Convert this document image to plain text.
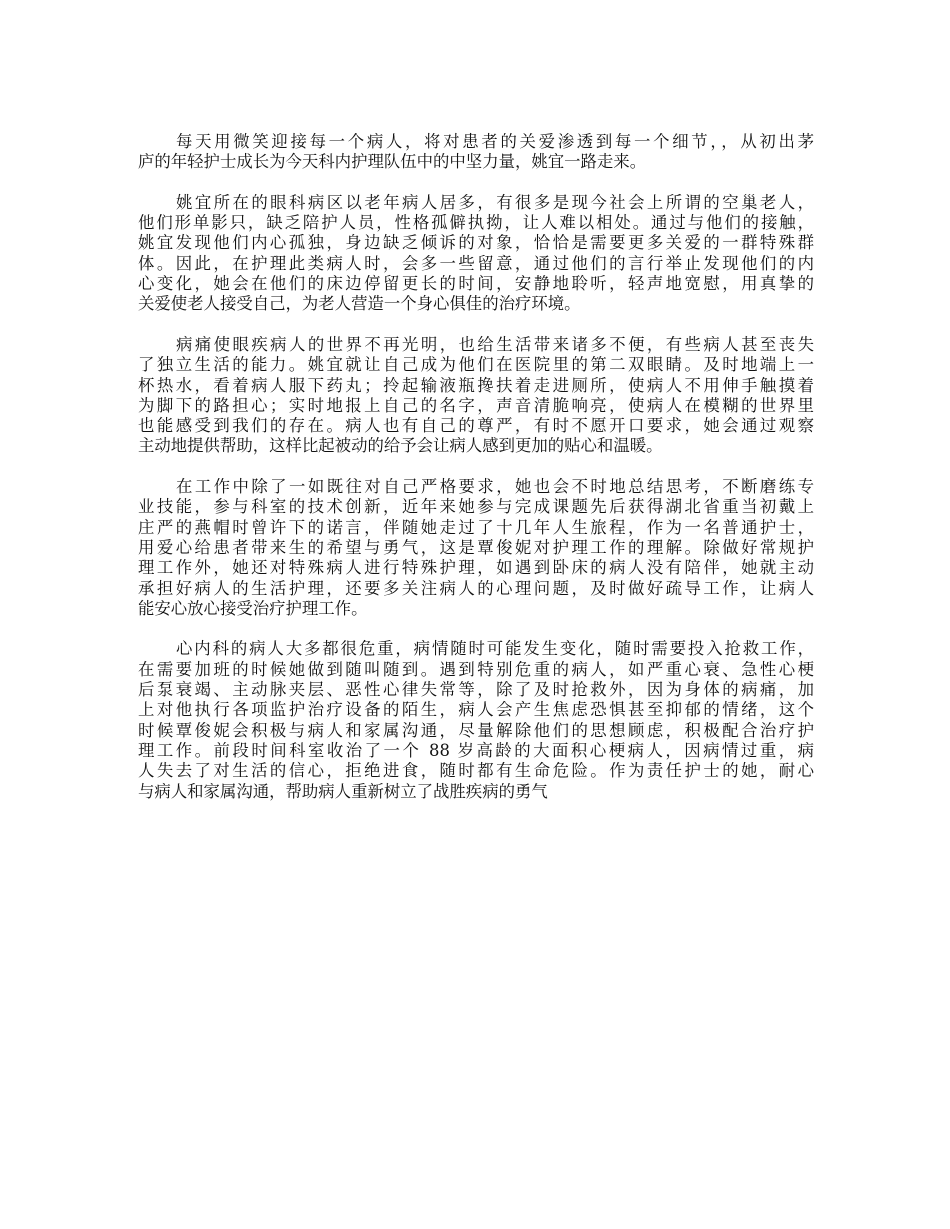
每天用微笑迎接每一个病人，将对患者的关爱渗透到每一个细节，，从初出茅
庐的年轻护士成长为今天科内护理队伍中的中坚力量，姚宜一路走来。
姚宜所在的眼科病区以老年病人居多，有很多是现今社会上所谓的空巢老人，
他们形单影只，缺乏陪护人员，性格孤僻执拗，让人难以相处。通过与他们的接触，
姚宜发现他们内心孤独，身边缺乏倾诉的对象，恰恰是需要更多关爱的一群特殊群
体。因此，在护理此类病人时，会多一些留意，通过他们的言行举止发现他们的内
心变化，她会在他们的床边停留更长的时间，安静地聆听，轻声地宽慰，用真挚的
关爱使老人接受自己，为老人营造一个身心俱佳的治疗环境。
病痛使眼疾病人的世界不再光明，也给生活带来诸多不便，有些病人甚至丧失
了独立生活的能力。姚宜就让自己成为他们在医院里的第二双眼睛。及时地端上一
杯热水，看着病人服下药丸；拎起输液瓶搀扶着走进厕所，使病人不用伸手触摸着
为脚下的路担心；实时地报上自己的名字，声音清脆响亮，使病人在模糊的世界里
也能感受到我们的存在。病人也有自己的尊严，有时不愿开口要求，她会通过观察
主动地提供帮助，这样比起被动的给予会让病人感到更加的贴心和温暖。
在工作中除了一如既往对自己严格要求，她也会不时地总结思考，不断磨练专
业技能，参与科室的技术创新，近年来她参与完成课题先后获得湖北省重当初戴上
庄严的燕帽时曾许下的诺言，伴随她走过了十几年人生旅程，作为一名普通护士，
用爱心给患者带来生的希望与勇气，这是覃俊妮对护理工作的理解。除做好常规护
理工作外，她还对特殊病人进行特殊护理，如遇到卧床的病人没有陪伴，她就主动
承担好病人的生活护理，还要多关注病人的心理问题，及时做好疏导工作，让病人
能安心放心接受治疗护理工作。
心内科的病人大多都很危重，病情随时可能发生变化，随时需要投入抢救工作，
在需要加班的时候她做到随叫随到。遇到特别危重的病人，如严重心衰、急性心梗
后泵衰竭、主动脉夹层、恶性心律失常等，除了及时抢救外，因为身体的病痛，加
上对他执行各项监护治疗设备的陌生，病人会产生焦虑恐惧甚至抑郁的情绪，这个
时候覃俊妮会积极与病人和家属沟通，尽量解除他们的思想顾虑，积极配合治疗护
理工作。前段时间科室收治了一个 88 岁高龄的大面积心梗病人，因病情过重，病
人失去了对生活的信心，拒绝进食，随时都有生命危险。作为责任护士的她，耐心
与病人和家属沟通，帮助病人重新树立了战胜疾病的勇气
